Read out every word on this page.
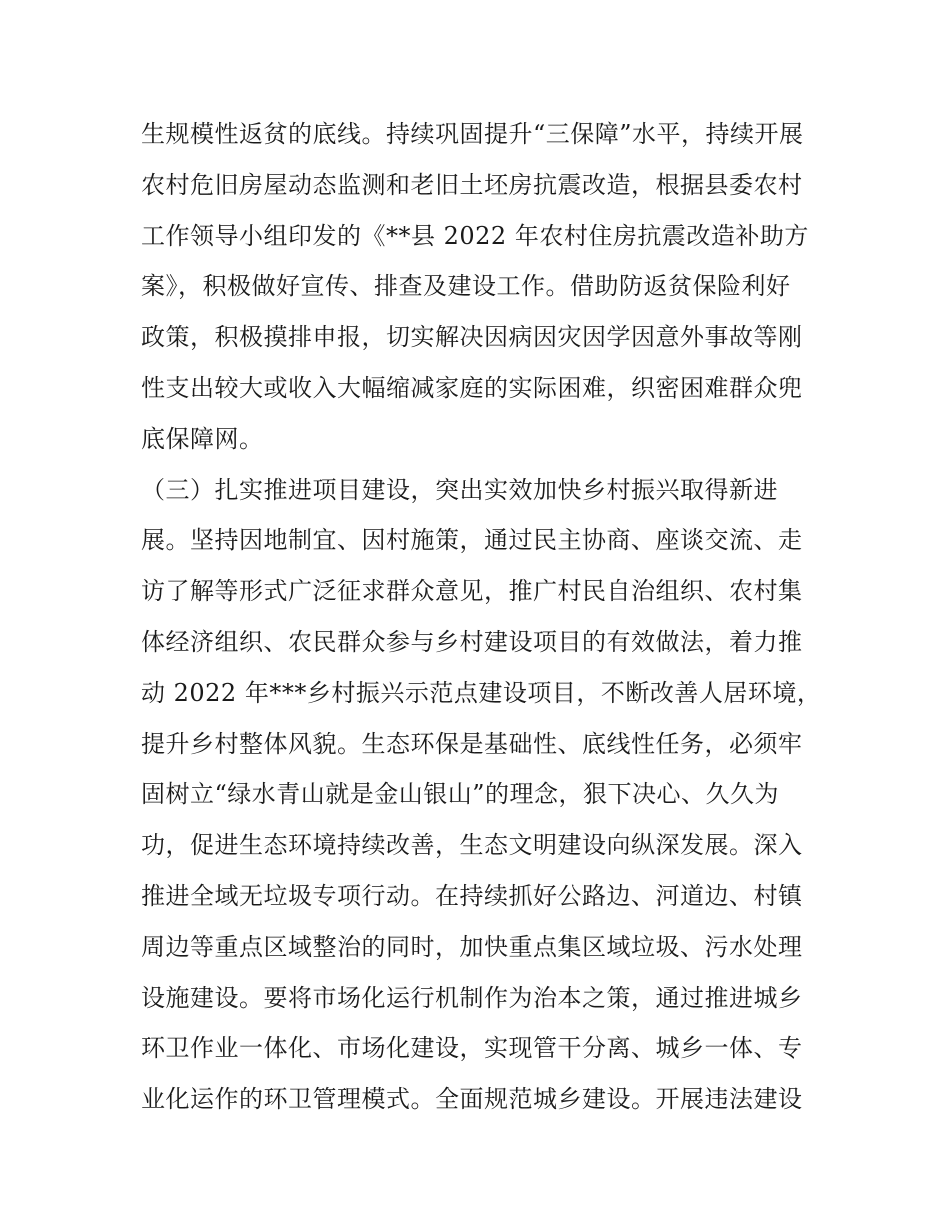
生规模性返贫的底线。持续巩固提升“三保障”水平，持续开展
农村危旧房屋动态监测和老旧土坯房抗震改造，根据县委农村
工作领导小组印发的《**县 2022 年农村住房抗震改造补助方
案》，积极做好宣传、排查及建设工作。借助防返贫保险利好
政策，积极摸排申报，切实解决因病因灾因学因意外事故等刚
性支出较大或收入大幅缩减家庭的实际困难，织密困难群众兜
底保障网。
（三）扎实推进项目建设，突出实效加快乡村振兴取得新进
展。坚持因地制宜、因村施策，通过民主协商、座谈交流、走
访了解等形式广泛征求群众意见，推广村民自治组织、农村集
体经济组织、农民群众参与乡村建设项目的有效做法，着力推
动 2022 年***乡村振兴示范点建设项目，不断改善人居环境，
提升乡村整体风貌。生态环保是基础性、底线性任务，必须牢
固树立“绿水青山就是金山银山”的理念，狠下决心、久久为
功，促进生态环境持续改善，生态文明建设向纵深发展。深入
推进全域无垃圾专项行动。在持续抓好公路边、河道边、村镇
周边等重点区域整治的同时，加快重点集区域垃圾、污水处理
设施建设。要将市场化运行机制作为治本之策，通过推进城乡
环卫作业一体化、市场化建设，实现管干分离、城乡一体、专
业化运作的环卫管理模式。全面规范城乡建设。开展违法建设
